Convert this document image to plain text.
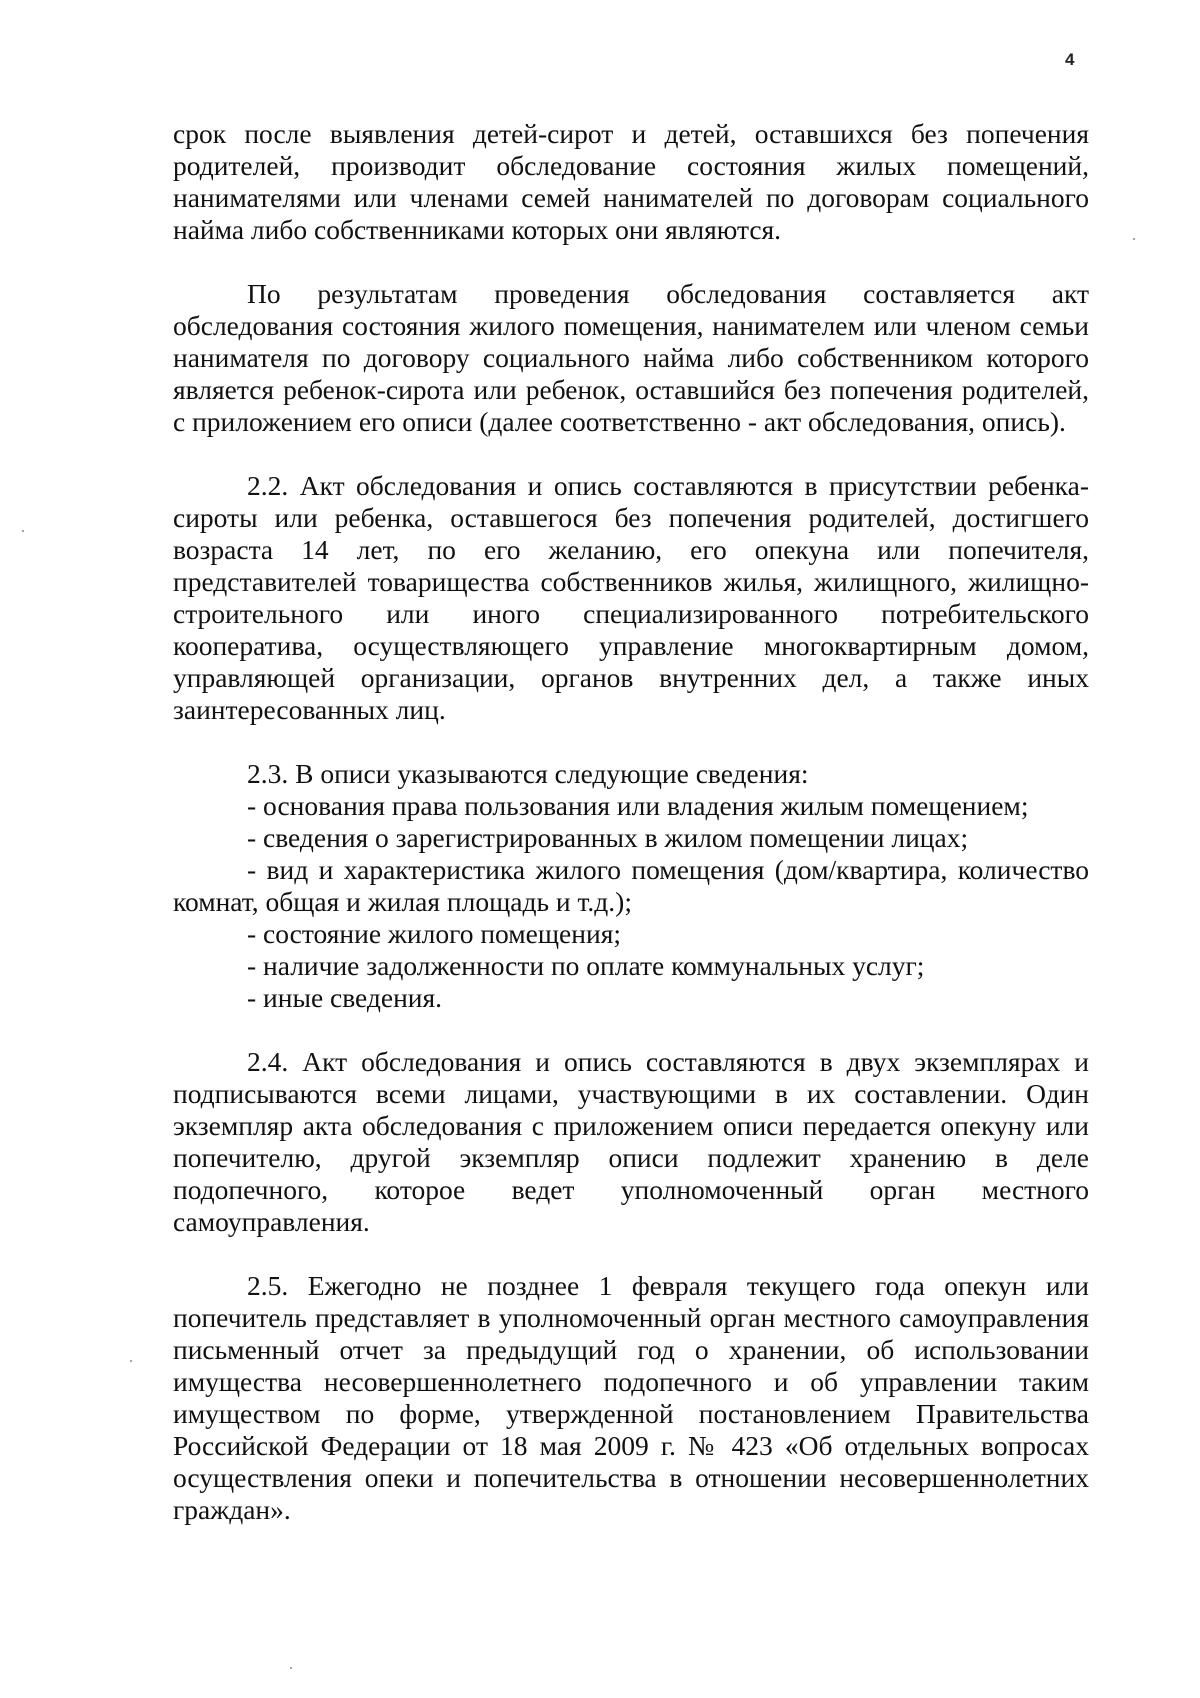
4

срок после выявления детей-сирот и детей, оставшихся без попечения родителей, производит обследование состояния жилых помещений, нанимателями или членами семей нанимателей по договорам социального найма либо собственниками которых они являются.

По результатам проведения обследования составляется акт обследования состояния жилого помещения, нанимателем или членом семьи нанимателя по договору социального найма либо собственником которого является ребенок-сирота или ребенок, оставшийся без попечения родителей, с приложением его описи (далее соответственно - акт обследования, опись).

2.2. Акт обследования и опись составляются в присутствии ребенка-сироты или ребенка, оставшегося без попечения родителей, достигшего возраста 14 лет, по его желанию, его опекуна или попечителя, представителей товарищества собственников жилья, жилищного, жилищно-строительного или иного специализированного потребительского кооператива, осуществляющего управление многоквартирным домом, управляющей организации, органов внутренних дел, а также иных заинтересованных лиц.

2.3. В описи указываются следующие сведения:

- основания права пользования или владения жилым помещением;

- сведения о зарегистрированных в жилом помещении лицах;

- вид и характеристика жилого помещения (дом/квартира, количество комнат, общая и жилая площадь и т.д.);

- состояние жилого помещения;

- наличие задолженности по оплате коммунальных услуг;

- иные сведения.

2.4. Акт обследования и опись составляются в двух экземплярах и подписываются всеми лицами, участвующими в их составлении. Один экземпляр акта обследования с приложением описи передается опекуну или попечителю, другой экземпляр описи подлежит хранению в деле подопечного, которое ведет уполномоченный орган местного самоуправления.

2.5. Ежегодно не позднее 1 февраля текущего года опекун или попечитель представляет в уполномоченный орган местного самоуправления письменный отчет за предыдущий год о хранении, об использовании имущества несовершеннолетнего подопечного и об управлении таким имуществом по форме, утвержденной постановлением Правительства Российской Федерации от 18 мая 2009 г. № 423 «Об отдельных вопросах осуществления опеки и попечительства в отношении несовершеннолетних граждан».
